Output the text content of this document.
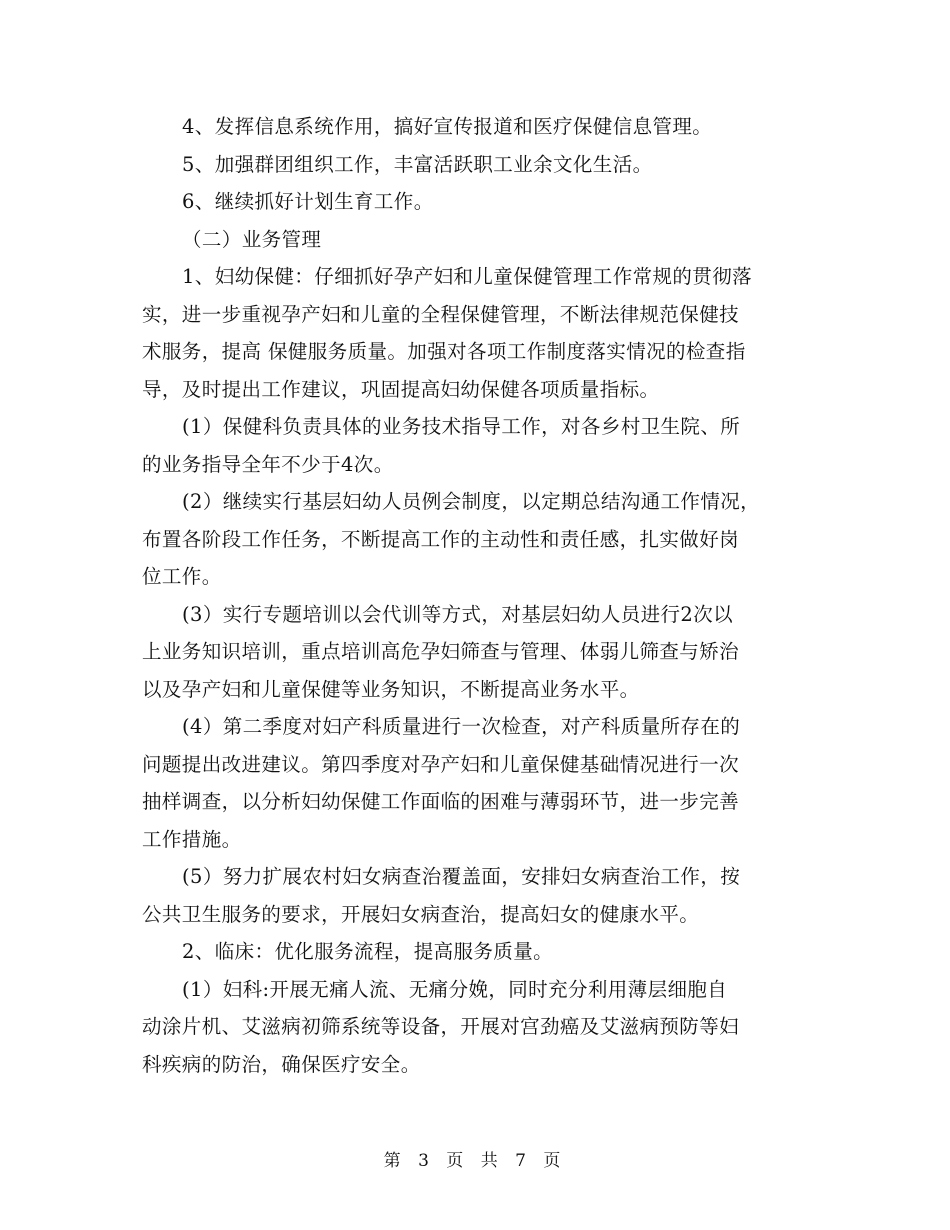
4、发挥信息系统作用，搞好宣传报道和医疗保健信息管理。

5、加强群团组织工作，丰富活跃职工业余文化生活。

6、继续抓好计划生育工作。

（二）业务管理

1、妇幼保健：仔细抓好孕产妇和儿童保健管理工作常规的贯彻落
实，进一步重视孕产妇和儿童的全程保健管理，不断法律规范保健技
术服务，提高 保健服务质量。加强对各项工作制度落实情况的检查指
导，及时提出工作建议，巩固提高妇幼保健各项质量指标。

(1）保健科负责具体的业务技术指导工作，对各乡村卫生院、所
的业务指导全年不少于4次。

(2）继续实行基层妇幼人员例会制度，以定期总结沟通工作情况，
布置各阶段工作任务，不断提高工作的主动性和责任感，扎实做好岗
位工作。

(3）实行专题培训以会代训等方式，对基层妇幼人员进行2次以
上业务知识培训，重点培训高危孕妇筛查与管理、体弱儿筛查与矫治
以及孕产妇和儿童保健等业务知识，不断提高业务水平。

(4）第二季度对妇产科质量进行一次检查，对产科质量所存在的
问题提出改进建议。第四季度对孕产妇和儿童保健基础情况进行一次
抽样调查，以分析妇幼保健工作面临的困难与薄弱环节，进一步完善
工作措施。

(5）努力扩展农村妇女病查治覆盖面，安排妇女病查治工作，按
公共卫生服务的要求，开展妇女病查治，提高妇女的健康水平。

2、临床：优化服务流程，提高服务质量。

(1）妇科:开展无痛人流、无痛分娩，同时充分利用薄层细胞自
动涂片机、艾滋病初筛系统等设备，开展对宫劲癌及艾滋病预防等妇
科疾病的防治，确保医疗安全。

第 3 页 共 7 页
